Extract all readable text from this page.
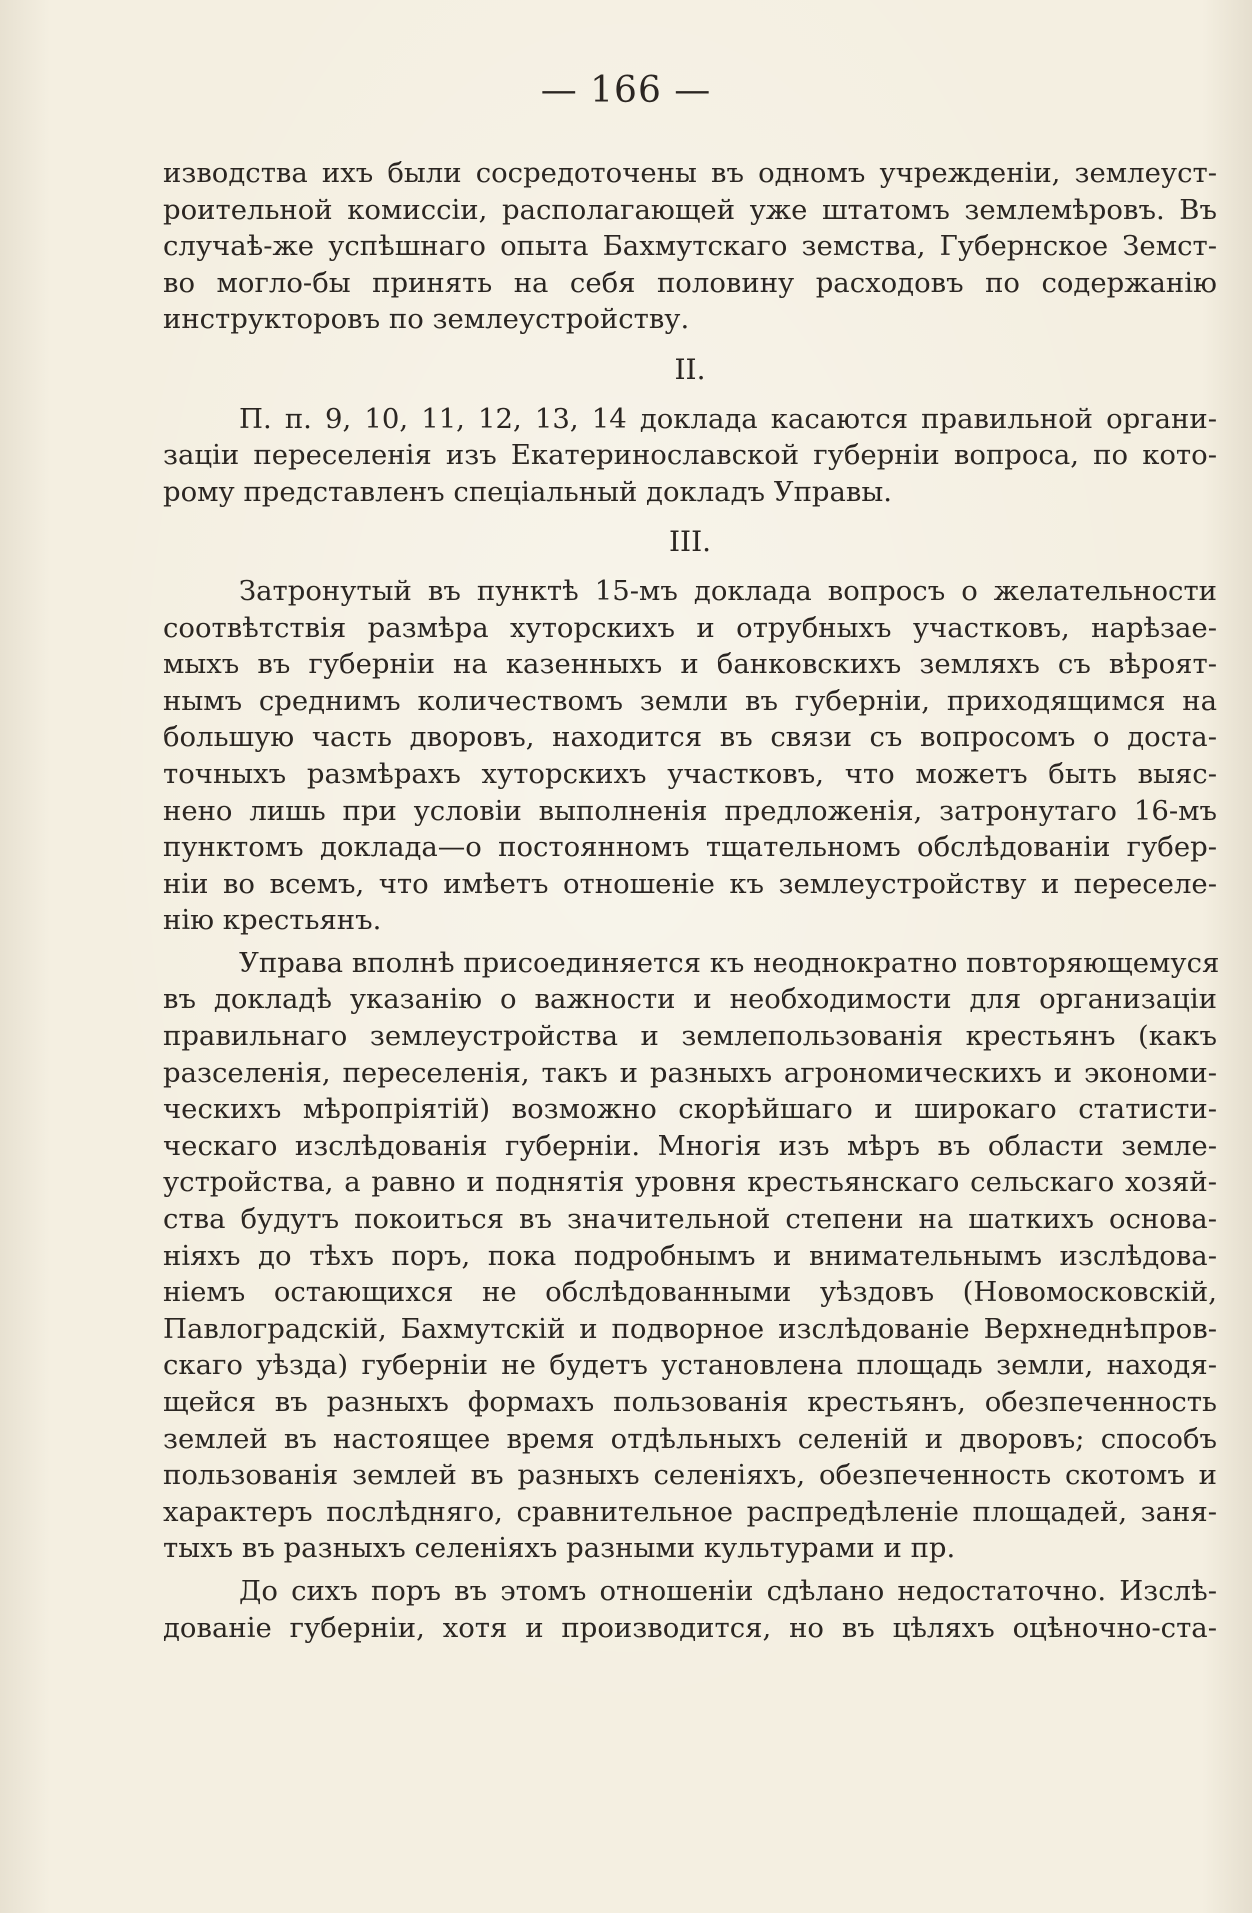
— 166 —
изводства ихъ были сосредоточены въ одномъ учрежденiи, землеуст-
роительной комиссiи, располагающей уже штатомъ землемѣровъ. Въ
случаѣ-же успѣшнаго опыта Бахмутскаго земства, Губернское Земст-
во могло-бы принять на себя половину расходовъ по содержанiю
инструкторовъ по землеустройству.
II.
П. п. 9, 10, 11, 12, 13, 14 доклада касаются правильной органи-
зацiи переселенiя изъ Екатеринославской губернiи вопроса, по кото-
рому представленъ спецiальный докладъ Управы.
III.
Затронутый въ пунктѣ 15-мъ доклада вопросъ о желательности
соотвѣтствiя размѣра хуторскихъ и отрубныхъ участковъ, нарѣзае-
мыхъ въ губернiи на казенныхъ и банковскихъ земляхъ съ вѣроят-
нымъ среднимъ количествомъ земли въ губернiи, приходящимся на
большую часть дворовъ, находится въ связи съ вопросомъ о доста-
точныхъ размѣрахъ хуторскихъ участковъ, что можетъ быть выяс-
нено лишь при условiи выполненiя предложенiя, затронутаго 16-мъ
пунктомъ доклада—о постоянномъ тщательномъ обслѣдованiи губер-
нiи во всемъ, что имѣетъ отношенiе къ землеустройству и переселе-
нiю крестьянъ.
Управа вполнѣ присоединяется къ неоднократно повторяющемуся
въ докладѣ указанiю о важности и необходимости для организацiи
правильнаго землеустройства и землепользованiя крестьянъ (какъ
разселенiя, переселенiя, такъ и разныхъ агрономическихъ и экономи-
ческихъ мѣропрiятiй) возможно скорѣйшаго и широкаго статисти-
ческаго изслѣдованiя губернiи. Многiя изъ мѣръ въ области земле-
устройства, а равно и поднятiя уровня крестьянскаго сельскаго хозяй-
ства будутъ покоиться въ значительной степени на шаткихъ основа-
нiяхъ до тѣхъ поръ, пока подробнымъ и внимательнымъ изслѣдова-
нiемъ остающихся не обслѣдованными уѣздовъ (Новомосковскiй,
Павлоградскiй, Бахмутскiй и подворное изслѣдованiе Верхнеднѣпров-
скаго уѣзда) губернiи не будетъ установлена площадь земли, находя-
щейся въ разныхъ формахъ пользованiя крестьянъ, обезпеченность
землей въ настоящее время отдѣльныхъ селенiй и дворовъ; способъ
пользованiя землей въ разныхъ селенiяхъ, обезпеченность скотомъ и
характеръ послѣдняго, сравнительное распредѣленiе площадей, заня-
тыхъ въ разныхъ селенiяхъ разными культурами и пр.
До сихъ поръ въ этомъ отношенiи сдѣлано недостаточно. Изслѣ-
дованiе губернiи, хотя и производится, но въ цѣляхъ оцѣночно-ста-
